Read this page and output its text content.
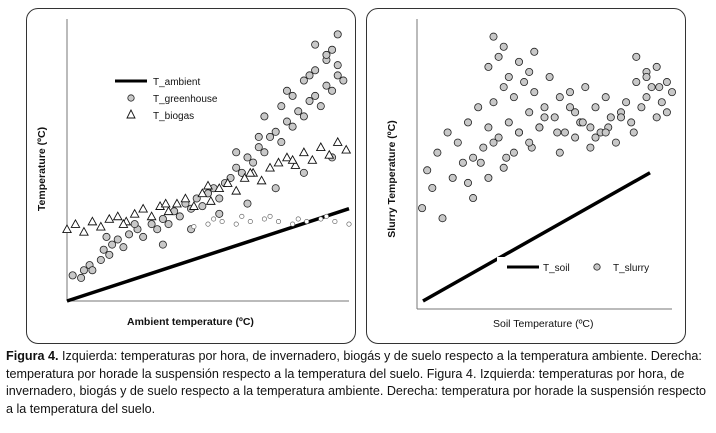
T_ambient
T_greenhouse
T_biogas
Ambient temperature (ºC)
Temperature (ºC)
T_soil	T_slurry
Soil Temperature (ºC)
Slurry Temperature (ºC)
Figura 4. Izquierda: temperaturas por hora, de invernadero, biogás y de suelo respecto a la temperatura ambiente. Derecha: temperatura por horade la suspensión respecto a la temperatura del suelo. Figura 4. Izquierda: temperaturas por hora, de invernadero, biogás y de suelo respecto a la temperatura ambiente. Derecha: temperatura por horade la suspensión respecto a la temperatura del suelo.
